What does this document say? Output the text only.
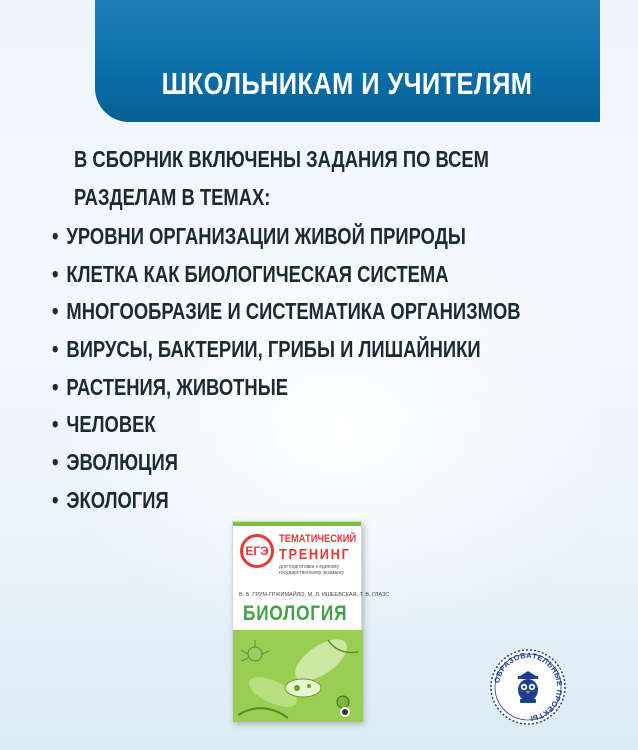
ШКОЛЬНИКАМ И УЧИТЕЛЯМ
В СБОРНИК ВКЛЮЧЕНЫ ЗАДАНИЯ ПО ВСЕМ
РАЗДЕЛАМ В ТЕМАХ:
• УРОВНИ ОРГАНИЗАЦИИ ЖИВОЙ ПРИРОДЫ
• КЛЕТКА КАК БИОЛОГИЧЕСКАЯ СИСТЕМА
• МНОГООБРАЗИЕ И СИСТЕМАТИКА ОРГАНИЗМОВ
• ВИРУСЫ, БАКТЕРИИ, ГРИБЫ И ЛИШАЙНИКИ
• РАСТЕНИЯ, ЖИВОТНЫЕ
• ЧЕЛОВЕК
• ЭВОЛЮЦИЯ
• ЭКОЛОГИЯ
ЕГЭ
ТЕМАТИЧЕСКИЙ
ТРЕНИНГ
для подготовки к единому государственному экзамену
В. Б. ГРУМ-ГРЖИМАЙЛО, М. Л. ИШЕЕВСКАЯ, Т. В. ГЛАЗС
БИОЛОГИЯ
ОБРАЗОВАТЕЛЬНЫЕ ПРОЕКТЫ
